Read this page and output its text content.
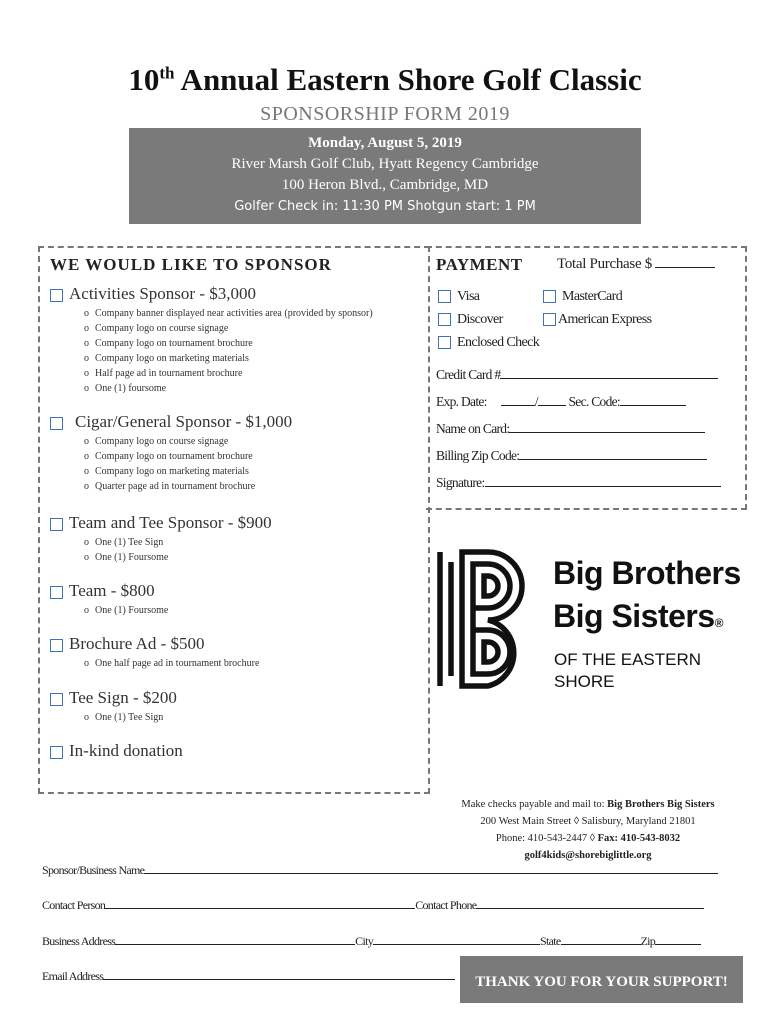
10th Annual Eastern Shore Golf Classic
SPONSORSHIP FORM 2019
Monday, August 5, 2019
River Marsh Golf Club, Hyatt Regency Cambridge
100 Heron Blvd., Cambridge, MD
Golfer Check in: 11:30 PM Shotgun start: 1 PM
WE WOULD LIKE TO SPONSOR
Activities Sponsor - $3,000
o Company banner displayed near activities area (provided by sponsor)
o Company logo on course signage
o Company logo on tournament brochure
o Company logo on marketing materials
o Half page ad in tournament brochure
o One (1) foursome
Cigar/General Sponsor - $1,000
o Company logo on course signage
o Company logo on tournament brochure
o Company logo on marketing materials
o Quarter page ad in tournament brochure
Team and Tee Sponsor - $900
o One (1) Tee Sign
o One (1) Foursome
Team - $800
o One (1) Foursome
Brochure Ad - $500
o One half page ad in tournament brochure
Tee Sign - $200
o One (1) Tee Sign
In-kind donation
PAYMENT Total Purchase $
Visa	MasterCard
Discover	American Express
Enclosed Check
Credit Card #
Exp. Date:	/ Sec. Code:
Name on Card:
Billing Zip Code:
Signature:
Big Brothers
Big Sisters®
OF THE EASTERN
SHORE
Make checks payable and mail to: Big Brothers Big Sisters
200 West Main Street ◊ Salisbury, Maryland 21801
Phone: 410-543-2447 ◊ Fax: 410-543-8032
golf4kids@shorebiglittle.org
Sponsor/Business Name
Contact Person	Contact Phone
Business Address	City	State	Zip
Email Address	THANK YOU FOR YOUR SUPPORT!
